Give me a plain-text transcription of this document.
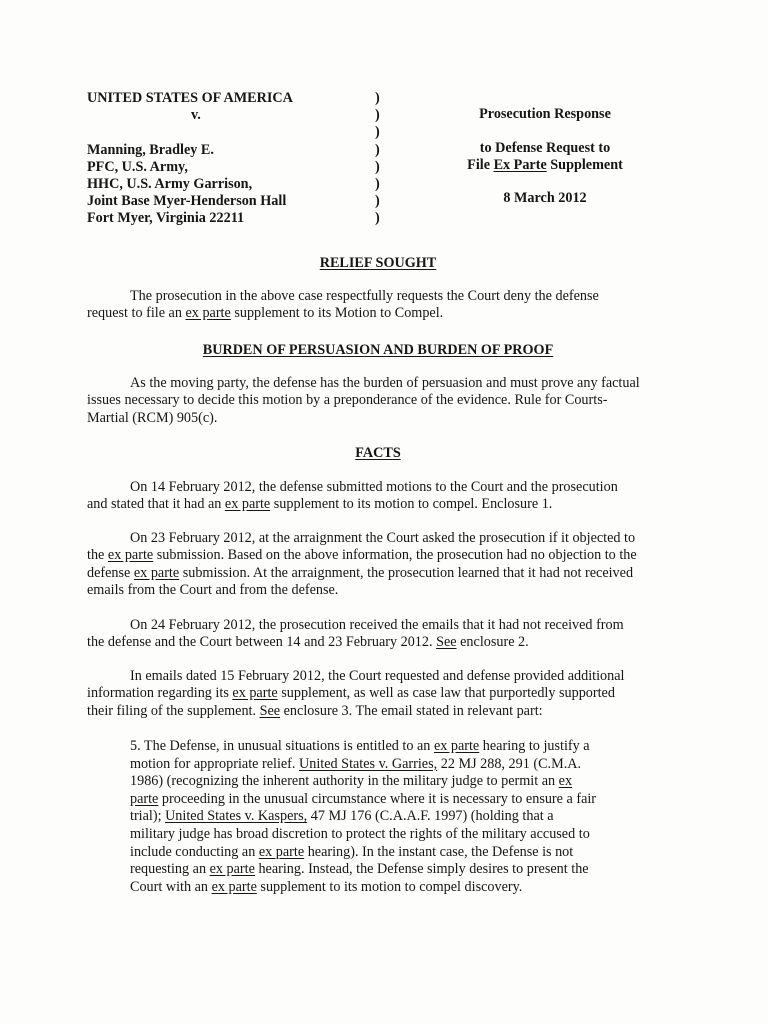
UNITED STATES OF AMERICA
v.
Manning, Bradley E.
PFC, U.S. Army,
HHC, U.S. Army Garrison,
Joint Base Myer-Henderson Hall
Fort Myer, Virginia 22211
)
)
)
)
)
)
)
)
Prosecution Response
to Defense Request to
File Ex Parte Supplement
8 March 2012
RELIEF SOUGHT
The prosecution in the above case respectfully requests the Court deny the defense
request to file an ex parte supplement to its Motion to Compel.
BURDEN OF PERSUASION AND BURDEN OF PROOF
As the moving party, the defense has the burden of persuasion and must prove any factual
issues necessary to decide this motion by a preponderance of the evidence. Rule for Courts-
Martial (RCM) 905(c).
FACTS
On 14 February 2012, the defense submitted motions to the Court and the prosecution
and stated that it had an ex parte supplement to its motion to compel. Enclosure 1.
On 23 February 2012, at the arraignment the Court asked the prosecution if it objected to
the ex parte submission. Based on the above information, the prosecution had no objection to the
defense ex parte submission. At the arraignment, the prosecution learned that it had not received
emails from the Court and from the defense.
On 24 February 2012, the prosecution received the emails that it had not received from
the defense and the Court between 14 and 23 February 2012. See enclosure 2.
In emails dated 15 February 2012, the Court requested and defense provided additional
information regarding its ex parte supplement, as well as case law that purportedly supported
their filing of the supplement. See enclosure 3. The email stated in relevant part:
5. The Defense, in unusual situations is entitled to an ex parte hearing to justify a
motion for appropriate relief. United States v. Garries, 22 MJ 288, 291 (C.M.A.
1986) (recognizing the inherent authority in the military judge to permit an ex
parte proceeding in the unusual circumstance where it is necessary to ensure a fair
trial); United States v. Kaspers, 47 MJ 176 (C.A.A.F. 1997) (holding that a
military judge has broad discretion to protect the rights of the military accused to
include conducting an ex parte hearing). In the instant case, the Defense is not
requesting an ex parte hearing. Instead, the Defense simply desires to present the
Court with an ex parte supplement to its motion to compel discovery.
